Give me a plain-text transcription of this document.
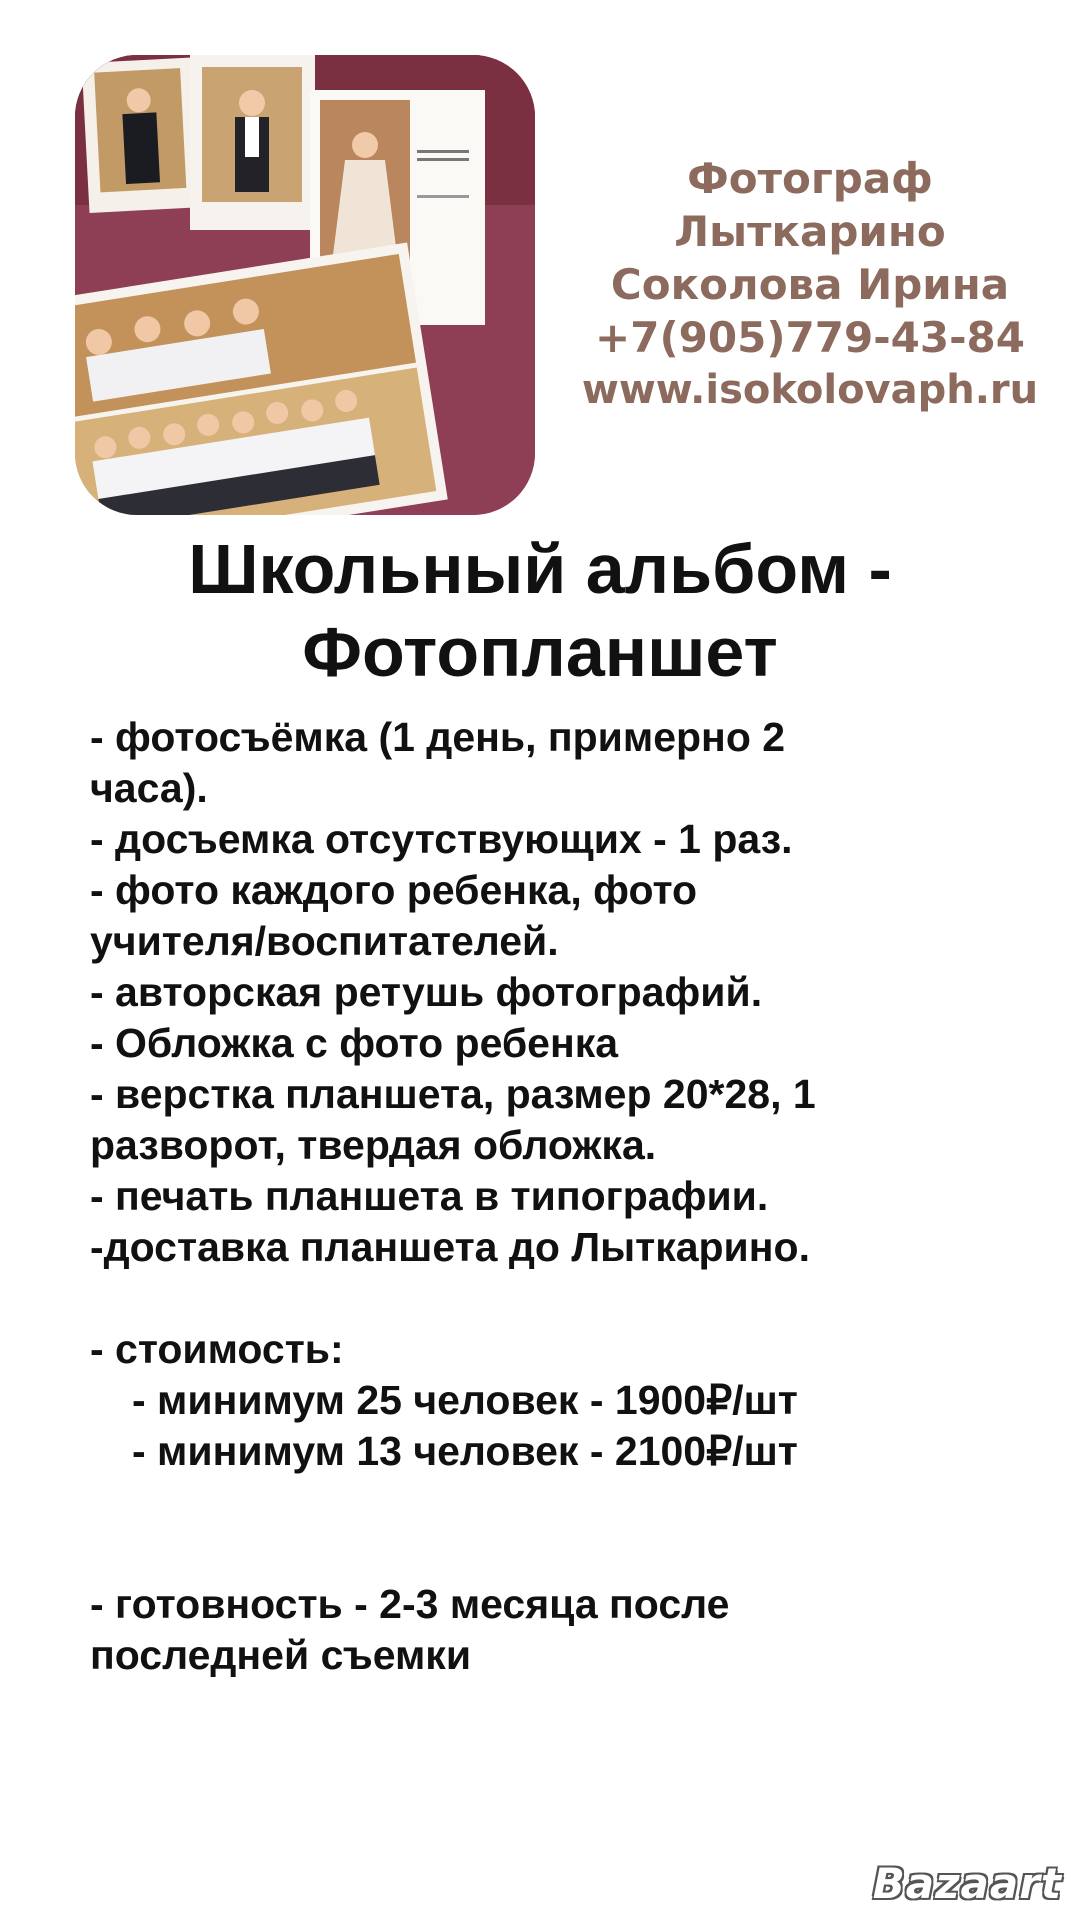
Фотограф
Лыткарино
Соколова Ирина
+7(905)779-43-84
www.isokolovaph.ru
Школьный альбом -
Фотопланшет
- фотосъёмка (1 день, примерно 2
часа).
- досъемка отсутствующих - 1 раз.
- фото каждого ребенка, фото
учителя/воспитателей.
- авторская ретушь фотографий.
- Обложка с фото ребенка
- верстка планшета, размер 20*28, 1
разворот, твердая обложка.
- печать планшета в типографии.
-доставка планшета до Лыткарино.
- стоимость:
- минимум 25 человек - 1900₽/шт
- минимум 13 человек - 2100₽/шт
- готовность - 2-3 месяца после
последней съемки
Bazaart
